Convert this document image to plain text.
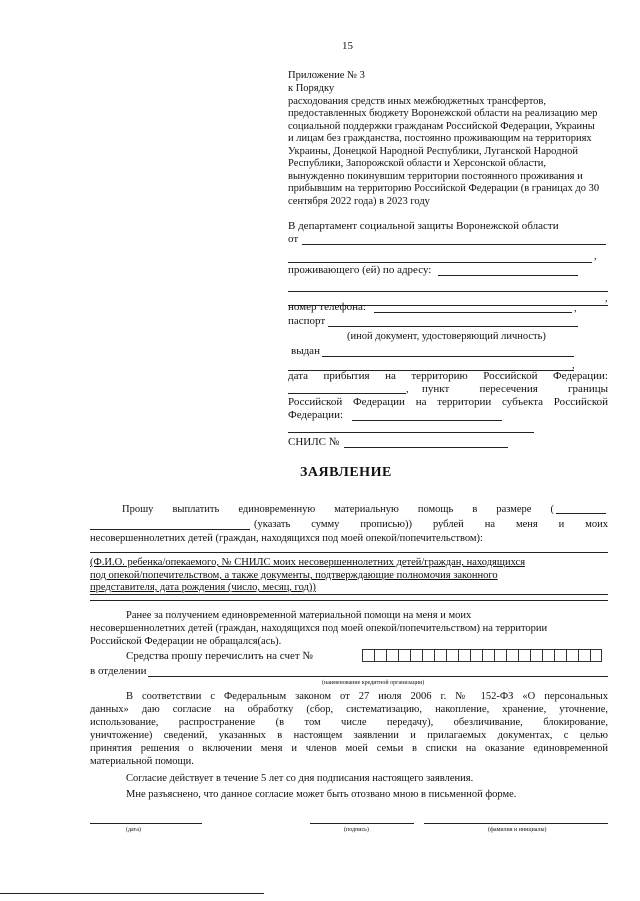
15
Приложение № 3
к Порядку
расходования средств иных межбюджетных трансфертов,
предоставленных бюджету Воронежской области на реализацию мер
социальной поддержки гражданам Российской Федерации, Украины
и лицам без гражданства, постоянно проживающим на территориях
Украины, Донецкой Народной Республики, Луганской Народной
Республики, Запорожской области и Херсонской области,
вынужденно покинувшим территории постоянного проживания и
прибывшим на территорию Российской Федерации (в границах до 30
сентября 2022 года) в 2023 году
В департамент социальной защиты Воронежской области
от
,
проживающего (ей) по адресу:
,
номер телефона:	,
паспорт
(иной документ, удостоверяющий личность)
выдан
,
дата прибытия на территорию Российской Федерации:
, пункт пересечения границы
Российской Федерации на территории субъекта Российской
Федерации:
СНИЛС №
ЗАЯВЛЕНИЕ
Прошу выплатить единовременную материальную помощь в размере (
(указать сумму прописью)) рублей на меня и моих
несовершеннолетних детей (граждан, находящихся под моей опекой/попечительством):
(Ф.И.О. ребенка/опекаемого, № СНИЛС моих несовершеннолетних детей/граждан, находящихся
под опекой/попечительством, а также документы, подтверждающие полномочия законного
представителя, дата рождения (число, месяц, год))
Ранее за получением единовременной материальной помощи на меня и моих
несовершеннолетних детей (граждан, находящихся под моей опекой/попечительством) на территории
Российской Федерации не обращался(ась).
Средства прошу перечислить на счет №
в отделении
(наименование кредитной организации)
В соответствии с Федеральным законом от 27 июля 2006 г. № 152-ФЗ «О персональных
данных» даю согласие на обработку (сбор, систематизацию, накопление, хранение, уточнение,
использование, распространение (в том числе передачу), обезличивание, блокирование,
уничтожение) сведений, указанных в настоящем заявлении и прилагаемых документах, с целью
принятия решения о включении меня и членов моей семьи в списки на оказание единовременной
материальной помощи.
Согласие действует в течение 5 лет со дня подписания настоящего заявления.
Мне разъяснено, что данное согласие может быть отозвано мною в письменной форме.
(дата)	(подпись)	(фамилия и инициалы)
